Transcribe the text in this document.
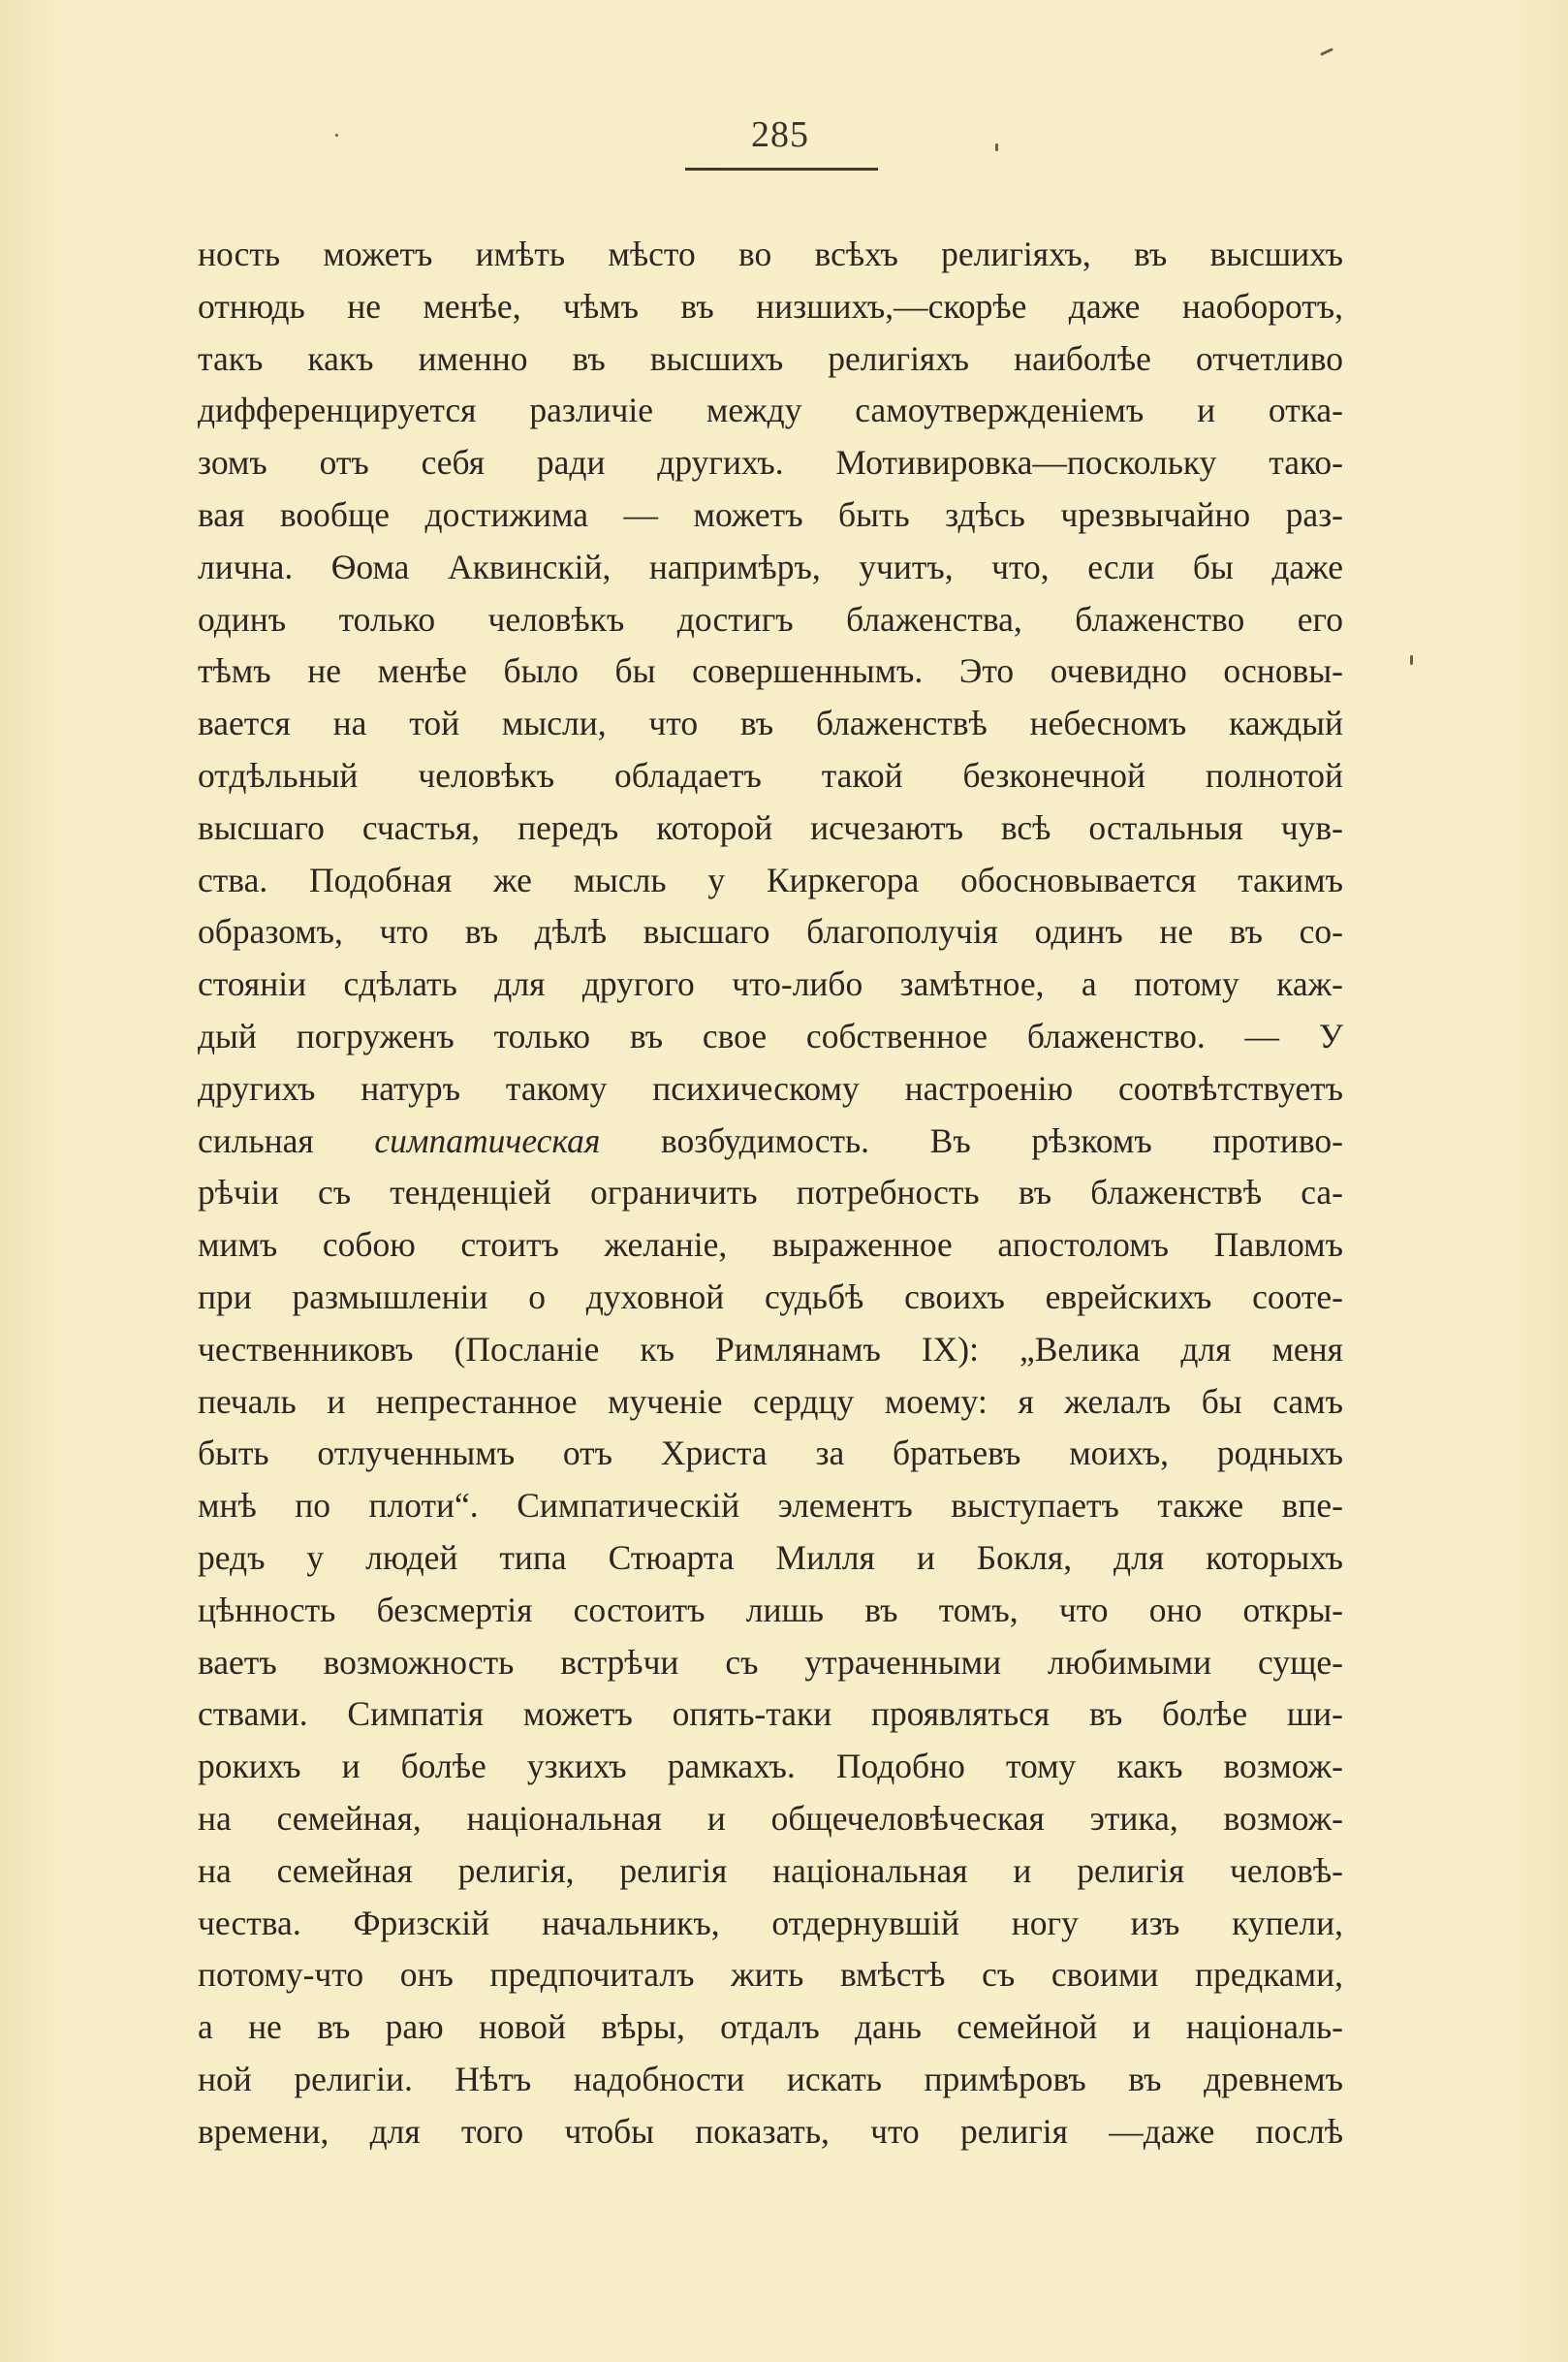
285
ность можетъ имѣть мѣсто во всѣхъ религіяхъ, въ высшихъ
отнюдь не менѣе, чѣмъ въ низшихъ,—скорѣе даже наоборотъ,
такъ какъ именно въ высшихъ религіяхъ наиболѣе отчетливо
дифференцируется различіе между самоутвержденіемъ и отка-
зомъ отъ себя ради другихъ. Мотивировка—поскольку тако-
вая вообще достижима — можетъ быть здѣсь чрезвычайно раз-
лична. Ѳома Аквинскій, напримѣръ, учитъ, что, если бы даже
одинъ только человѣкъ достигъ блаженства, блаженство его
тѣмъ не менѣе было бы совершеннымъ. Это очевидно основы-
вается на той мысли, что въ блаженствѣ небесномъ каждый
отдѣльный человѣкъ обладаетъ такой безконечной полнотой
высшаго счастья, передъ которой исчезаютъ всѣ остальныя чув-
ства. Подобная же мысль у Киркегора обосновывается такимъ
образомъ, что въ дѣлѣ высшаго благополучія одинъ не въ со-
стояніи сдѣлать для другого что-либо замѣтное, а потому каж-
дый погруженъ только въ свое собственное блаженство. — У
другихъ натуръ такому психическому настроенію соотвѣтствуетъ
сильная симпатическая возбудимость. Въ рѣзкомъ противо-
рѣчіи съ тенденціей ограничить потребность въ блаженствѣ са-
мимъ собою стоитъ желаніе, выраженное апостоломъ Павломъ
при размышленіи о духовной судьбѣ своихъ еврейскихъ сооте-
чественниковъ (Посланіе къ Римлянамъ IX): „Велика для меня
печаль и непрестанное мученіе сердцу моему: я желалъ бы самъ
быть отлученнымъ отъ Христа за братьевъ моихъ, родныхъ
мнѣ по плоти“. Симпатическій элементъ выступаетъ также впе-
редъ у людей типа Стюарта Милля и Бокля, для которыхъ
цѣнность безсмертія состоитъ лишь въ томъ, что оно откры-
ваетъ возможность встрѣчи съ утраченными любимыми суще-
ствами. Симпатія можетъ опять-таки проявляться въ болѣе ши-
рокихъ и болѣе узкихъ рамкахъ. Подобно тому какъ возмож-
на семейная, національная и общечеловѣческая этика, возмож-
на семейная религія, религія національная и религія человѣ-
чества. Фризскій начальникъ, отдернувшій ногу изъ купели,
потому-что онъ предпочиталъ жить вмѣстѣ съ своими предками,
а не въ раю новой вѣры, отдалъ дань семейной и національ-
ной религіи. Нѣтъ надобности искать примѣровъ въ древнемъ
времени, для того чтобы показать, что религія —даже послѣ
